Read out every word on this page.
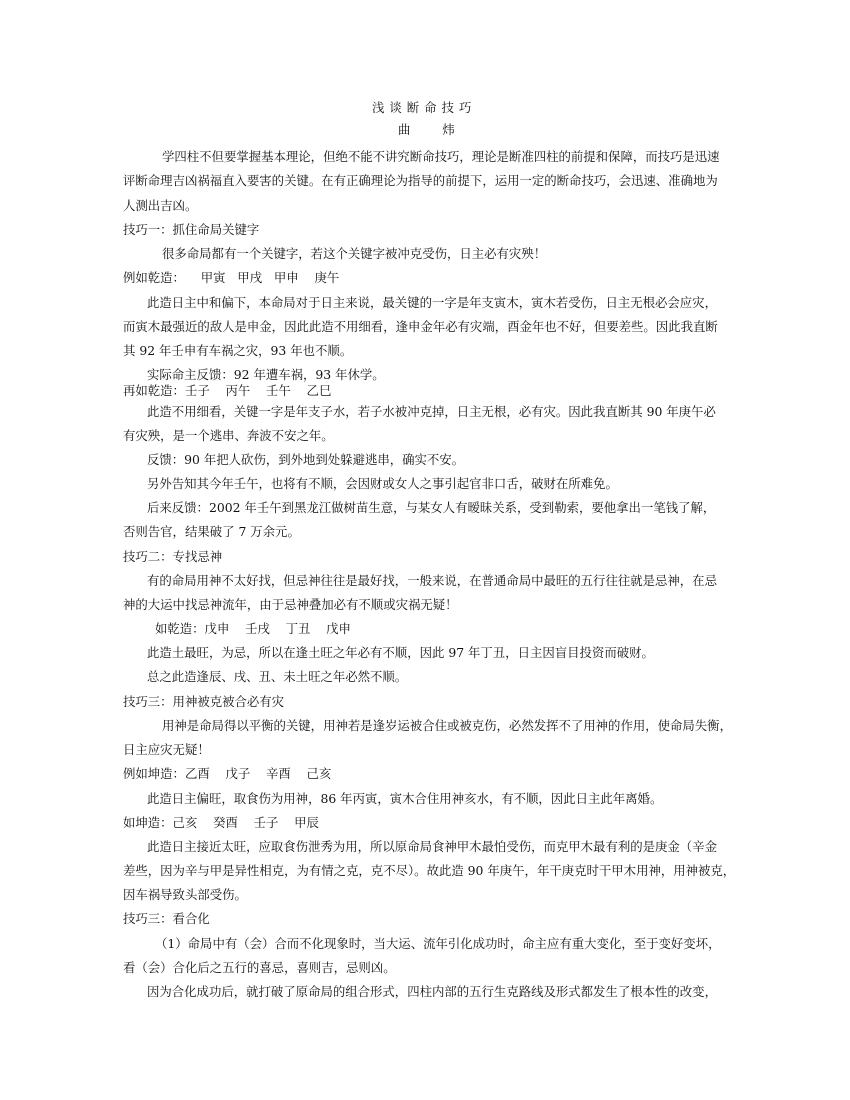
浅谈断命技巧
曲 炜
学四柱不但要掌握基本理论，但绝不能不讲究断命技巧，理论是断准四柱的前提和保障，而技巧是迅速
评断命理吉凶祸福直入要害的关键。在有正确理论为指导的前提下，运用一定的断命技巧，会迅速、准确地为
人测出吉凶。
技巧一：抓住命局关键字
很多命局都有一个关键字，若这个关键字被冲克受伤，日主必有灾殃！
例如乾造：    甲寅   甲戌   甲申    庚午
此造日主中和偏下，本命局对于日主来说，最关键的一字是年支寅木，寅木若受伤，日主无根必会应灾，
而寅木最强近的敌人是申金，因此此造不用细看，逢申金年必有灾端，酉金年也不好，但要差些。因此我直断
其 92 年壬申有车祸之灾，93 年也不顺。
实际命主反馈：92 年遭车祸，93 年休学。
再如乾造：壬子    丙午    壬午    乙巳
此造不用细看，关键一字是年支子水，若子水被冲克掉，日主无根，必有灾。因此我直断其 90 年庚午必
有灾殃，是一个逃串、奔波不安之年。
反馈：90 年把人砍伤，到外地到处躲避逃串，确实不安。
另外告知其今年壬午，也将有不顺，会因财或女人之事引起官非口舌，破财在所难免。
后来反馈：2002 年壬午到黑龙江做树苗生意，与某女人有暧昧关系，受到勒索，要他拿出一笔钱了解，
否则告官，结果破了 7 万余元。
技巧二：专找忌神
有的命局用神不太好找，但忌神往往是最好找，一般来说，在普通命局中最旺的五行往往就是忌神，在忌
神的大运中找忌神流年，由于忌神叠加必有不顺或灾祸无疑！
如乾造：戊申    壬戌    丁丑    戊申
此造土最旺，为忌，所以在逢土旺之年必有不顺，因此 97 年丁丑，日主因盲目投资而破财。
总之此造逢辰、戌、丑、未土旺之年必然不顺。
技巧三：用神被克被合必有灾
用神是命局得以平衡的关键，用神若是逢岁运被合住或被克伤，必然发挥不了用神的作用，使命局失衡，
日主应灾无疑！
例如坤造：乙酉    戊子    辛酉    己亥
此造日主偏旺，取食伤为用神，86 年丙寅，寅木合住用神亥水，有不顺，因此日主此年离婚。
如坤造：己亥    癸酉    壬子    甲辰
此造日主接近太旺，应取食伤泄秀为用，所以原命局食神甲木最怕受伤，而克甲木最有利的是庚金（辛金
差些，因为辛与甲是异性相克，为有情之克，克不尽）。故此造 90 年庚午，年干庚克时干甲木用神，用神被克，
因车祸导致头部受伤。
技巧三：看合化
（1）命局中有（会）合而不化现象时，当大运、流年引化成功时，命主应有重大变化，至于变好变坏，
看（会）合化后之五行的喜忌，喜则吉，忌则凶。
因为合化成功后，就打破了原命局的组合形式，四柱内部的五行生克路线及形式都发生了根本性的改变，
